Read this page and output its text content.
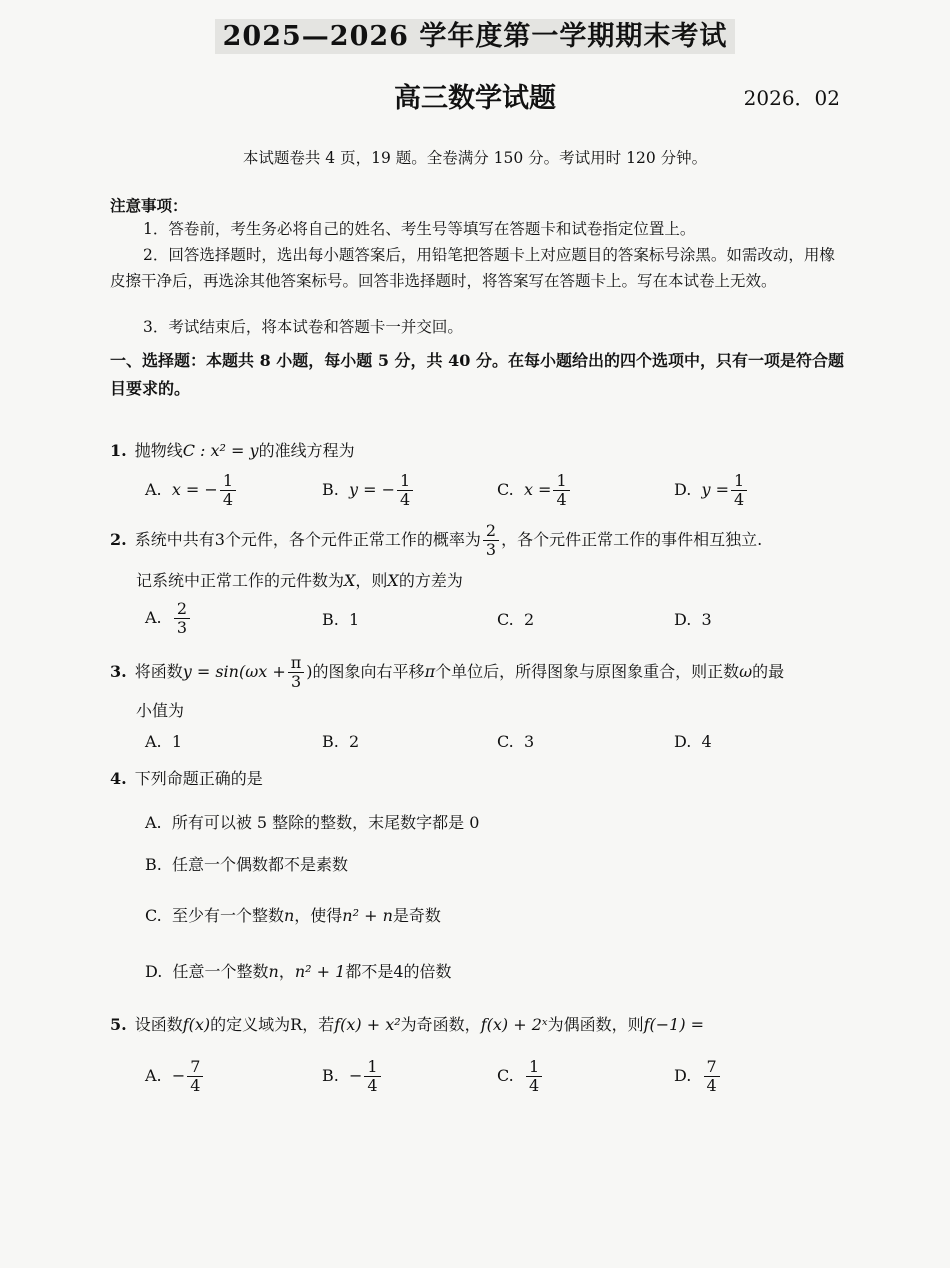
2025—2026 学年度第一学期期末考试
高三数学试题	2026．02
本试题卷共 4 页，19 题。全卷满分 150 分。考试用时 120 分钟。
注意事项：
1．答卷前，考生务必将自己的姓名、考生号等填写在答题卡和试卷指定位置上。
2．回答选择题时，选出每小题答案后，用铅笔把答题卡上对应题目的答案标号涂黑。如需改动，用橡皮擦干净后，再选涂其他答案标号。回答非选择题时，将答案写在答题卡上。写在本试卷上无效。
3．考试结束后，将本试卷和答题卡一并交回。
一、选择题：本题共 8 小题，每小题 5 分，共 40 分。在每小题给出的四个选项中，只有一项是符合题目要求的。
1. 抛物线C : x² = y的准线方程为
A. x = − $\frac{1}{4}$	B. y = − $\frac{1}{4}$	C. $x = \frac{1}{4}$	D. $y = \frac{1}{4}$
2. 系统中共有3个元件，各个元件正常工作的概率为 $\frac{2}{3}$ ，各个元件正常工作的事件相互独立.
记系统中正常工作的元件数为X，则X的方差为
A. $\frac{2}{3}$	B. 1	C. 2	D. 3
3. 将函数$y = \sin(\omega x + \frac{\pi}{3}$ )的图象向右平移π个单位后，所得图象与原图象重合，则正数ω的最
小值为
A. 1	B. 2	C. 3	D. 4
4. 下列命题正确的是
A. 所有可以被 5 整除的整数，末尾数字都是 0
B. 任意一个偶数都不是素数
C. 至少有一个整数n，使得n² + n是奇数
D. 任意一个整数n，n² + 1都不是4的倍数
5. 设函数f(x)的定义域为R，若f(x) + x²为奇函数，f(x) + 2ˣ为偶函数，则f(−1) =
A. − $\frac{7}{4}$	B. − $\frac{1}{4}$	C. $\frac{1}{4}$	D. $\frac{7}{4}$
